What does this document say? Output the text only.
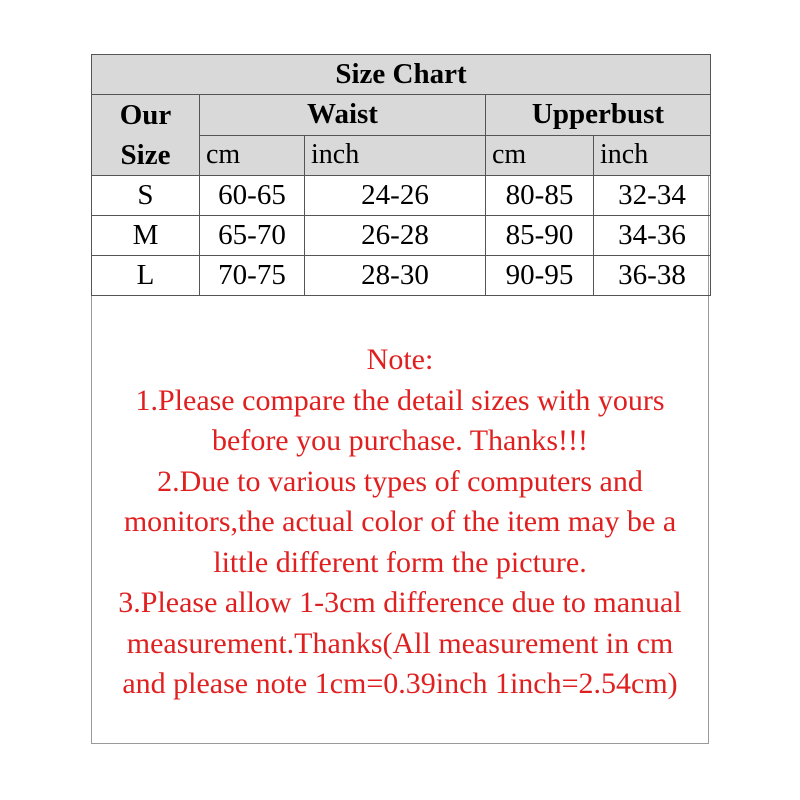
Size Chart				

Our
Size	Waist		Upperbust	
	cm	inch	cm	inch
S	60-65	24-26	80-85	32-34
M	65-70	26-28	85-90	34-36
L	70-75	28-30	90-95	36-38
Note:
1.Please compare the detail sizes with yours
before you purchase. Thanks!!!
2.Due to various types of computers and
monitors,the actual color of the item may be a
little different form the picture.
3.Please allow 1-3cm difference due to manual
measurement.Thanks(All measurement in cm
and please note 1cm=0.39inch 1inch=2.54cm)
